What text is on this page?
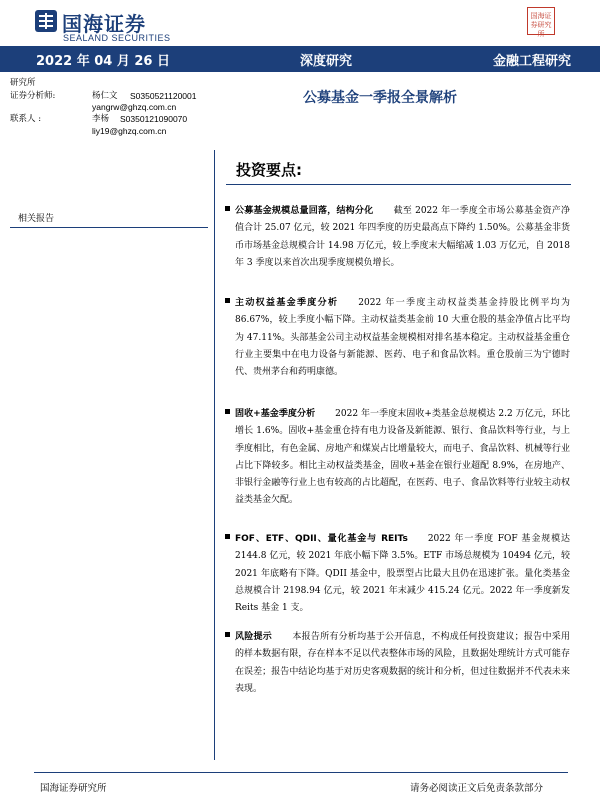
国海证券
SEALAND SECURITIES
国海证
券研究
所
2022 年 04 月 26 日	深度研究	金融工程研究
研究所
证券分析师:	杨仁文 S0350521120001
yangrw@ghzq.com.cn
联系人 :	李杨 S0350121090070
liy19@ghzq.com.cn
公募基金一季报全景解析
投资要点:
相关报告

公募基金规模总量回落，结构分化 截至 2022 年一季度全市场公募基金资产净值合计 25.07 亿元，较 2021 年四季度的历史最高点下降约 1.50%。公募基金非货币市场基金总规模合计 14.98 万亿元，较上季度末大幅缩减 1.03 万亿元，自 2018 年 3 季度以来首次出现季度规模负增长。

主动权益基金季度分析 2022 年一季度主动权益类基金持股比例平均为 86.67%，较上季度小幅下降。主动权益类基金前 10 大重仓股的基金净值占比平均为 47.11%。头部基金公司主动权益基金规模相对排名基本稳定。主动权益基金重仓行业主要集中在电力设备与新能源、医药、电子和食品饮料。重仓股前三为宁德时代、贵州茅台和药明康德。

固收+基金季度分析 2022 年一季度末固收+类基金总规模达 2.2 万亿元，环比增长 1.6%。固收+基金重仓持有电力设备及新能源、银行、食品饮料等行业，与上季度相比，有色金属、房地产和煤炭占比增量较大，而电子、食品饮料、机械等行业占比下降较多。相比主动权益类基金，固收+基金在银行业超配 8.9%，在房地产、非银行金融等行业上也有较高的占比超配，在医药、电子、食品饮料等行业较主动权益类基金欠配。

FOF、ETF、QDII、量化基金与 REITs 2022 年一季度 FOF 基金规模达 2144.8 亿元，较 2021 年底小幅下降 3.5%。ETF 市场总规模为 10494 亿元，较 2021 年底略有下降。QDII 基金中，股票型占比最大且仍在迅速扩张。量化类基金总规模合计 2198.94 亿元，较 2021 年末减少 415.24 亿元。2022 年一季度新发 Reits 基金 1 支。

风险提示 本报告所有分析均基于公开信息，不构成任何投资建议；报告中采用的样本数据有限，存在样本不足以代表整体市场的风险，且数据处理统计方式可能存在误差；报告中结论均基于对历史客观数据的统计和分析，但过往数据并不代表未来表现。

国海证券研究所	请务必阅读正文后免责条款部分
